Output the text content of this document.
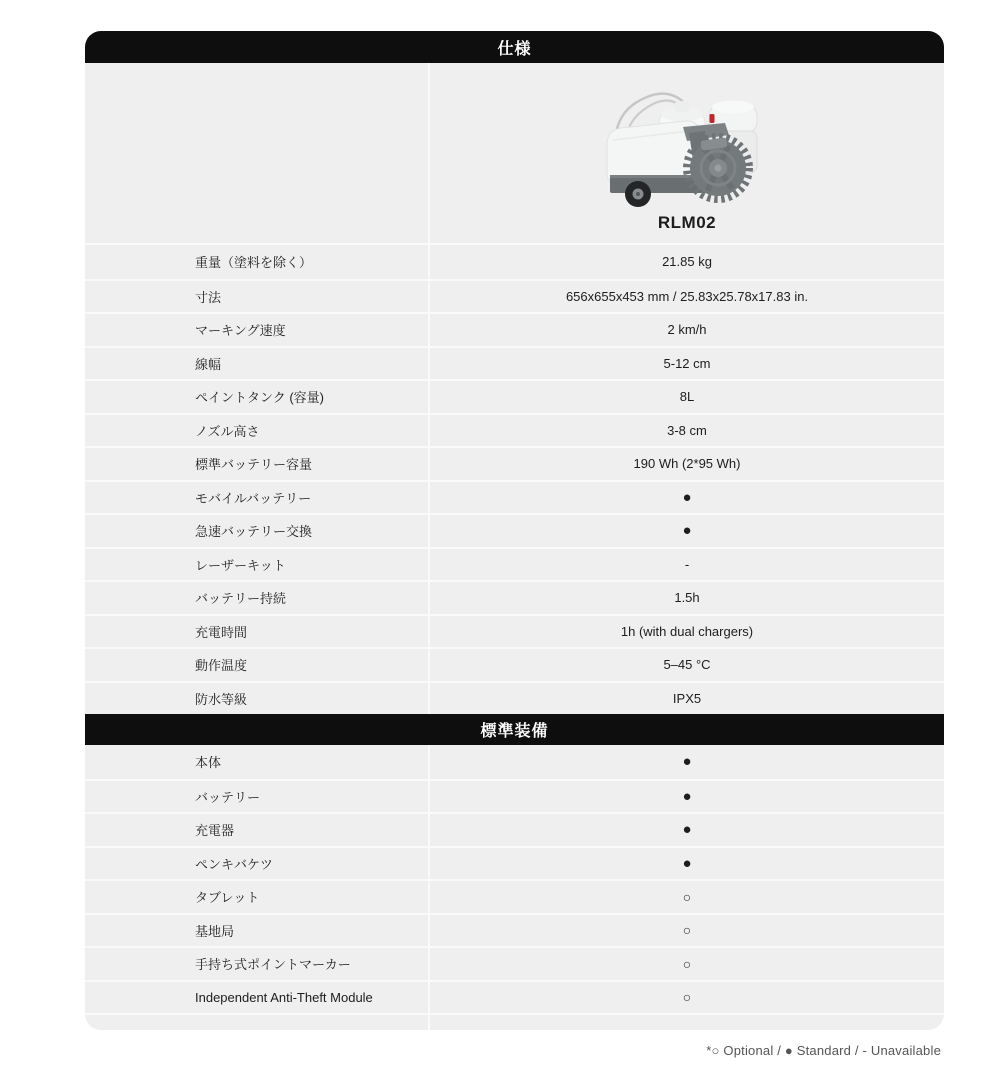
仕様
RLM02
重量（塗料を除く）	21.85 kg
寸法	656x655x453 mm / 25.83x25.78x17.83 in.
マーキング速度	2 km/h
線幅	5-12 cm
ペイントタンク (容量)	8L
ノズル高さ	3-8 cm
標準バッテリー容量	190 Wh (2*95 Wh)
モバイルバッテリー	●
急速バッテリー交換	●
レーザーキット	-
バッテリー持続	1.5h
充電時間	1h (with dual chargers)
動作温度	5–45 °C
防水等級	IPX5
標準装備
本体	●
バッテリー	●
充電器	●
ペンキバケツ	●
タブレット	○
基地局	○
手持ち式ポイントマーカー	○
Independent Anti-Theft Module	○
*○ Optional / ● Standard / - Unavailable
